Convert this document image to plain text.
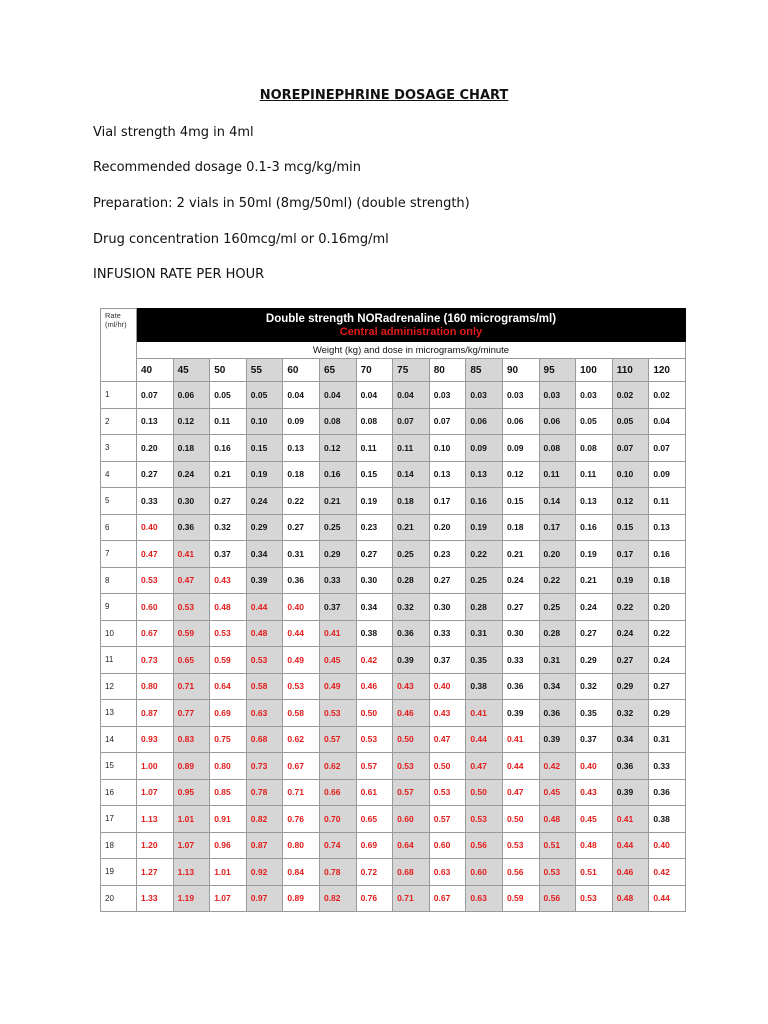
NOREPINEPHRINE DOSAGE CHART
Vial strength 4mg in 4ml
Recommended dosage 0.1-3 mcg/kg/min
Preparation: 2 vials in 50ml (8mg/50ml) (double strength)
Drug concentration 160mcg/ml or 0.16mg/ml
INFUSION RATE PER HOUR
Rate (ml/hr)	Double strength NORadrenaline (160 micrograms/ml)
Central administration only														

	Weight (kg) and dose in micrograms/kg/minute														
	40	45	50	55	60	65	70	75	80	85	90	95	100	110	120
1	0.07	0.06	0.05	0.05	0.04	0.04	0.04	0.04	0.03	0.03	0.03	0.03	0.03	0.02	0.02
2	0.13	0.12	0.11	0.10	0.09	0.08	0.08	0.07	0.07	0.06	0.06	0.06	0.05	0.05	0.04
3	0.20	0.18	0.16	0.15	0.13	0.12	0.11	0.11	0.10	0.09	0.09	0.08	0.08	0.07	0.07
4	0.27	0.24	0.21	0.19	0.18	0.16	0.15	0.14	0.13	0.13	0.12	0.11	0.11	0.10	0.09
5	0.33	0.30	0.27	0.24	0.22	0.21	0.19	0.18	0.17	0.16	0.15	0.14	0.13	0.12	0.11
6	0.40	0.36	0.32	0.29	0.27	0.25	0.23	0.21	0.20	0.19	0.18	0.17	0.16	0.15	0.13
7	0.47	0.41	0.37	0.34	0.31	0.29	0.27	0.25	0.23	0.22	0.21	0.20	0.19	0.17	0.16
8	0.53	0.47	0.43	0.39	0.36	0.33	0.30	0.28	0.27	0.25	0.24	0.22	0.21	0.19	0.18
9	0.60	0.53	0.48	0.44	0.40	0.37	0.34	0.32	0.30	0.28	0.27	0.25	0.24	0.22	0.20
10	0.67	0.59	0.53	0.48	0.44	0.41	0.38	0.36	0.33	0.31	0.30	0.28	0.27	0.24	0.22
11	0.73	0.65	0.59	0.53	0.49	0.45	0.42	0.39	0.37	0.35	0.33	0.31	0.29	0.27	0.24
12	0.80	0.71	0.64	0.58	0.53	0.49	0.46	0.43	0.40	0.38	0.36	0.34	0.32	0.29	0.27
13	0.87	0.77	0.69	0.63	0.58	0.53	0.50	0.46	0.43	0.41	0.39	0.36	0.35	0.32	0.29
14	0.93	0.83	0.75	0.68	0.62	0.57	0.53	0.50	0.47	0.44	0.41	0.39	0.37	0.34	0.31
15	1.00	0.89	0.80	0.73	0.67	0.62	0.57	0.53	0.50	0.47	0.44	0.42	0.40	0.36	0.33
16	1.07	0.95	0.85	0.78	0.71	0.66	0.61	0.57	0.53	0.50	0.47	0.45	0.43	0.39	0.36
17	1.13	1.01	0.91	0.82	0.76	0.70	0.65	0.60	0.57	0.53	0.50	0.48	0.45	0.41	0.38
18	1.20	1.07	0.96	0.87	0.80	0.74	0.69	0.64	0.60	0.56	0.53	0.51	0.48	0.44	0.40
19	1.27	1.13	1.01	0.92	0.84	0.78	0.72	0.68	0.63	0.60	0.56	0.53	0.51	0.46	0.42
20	1.33	1.19	1.07	0.97	0.89	0.82	0.76	0.71	0.67	0.63	0.59	0.56	0.53	0.48	0.44
